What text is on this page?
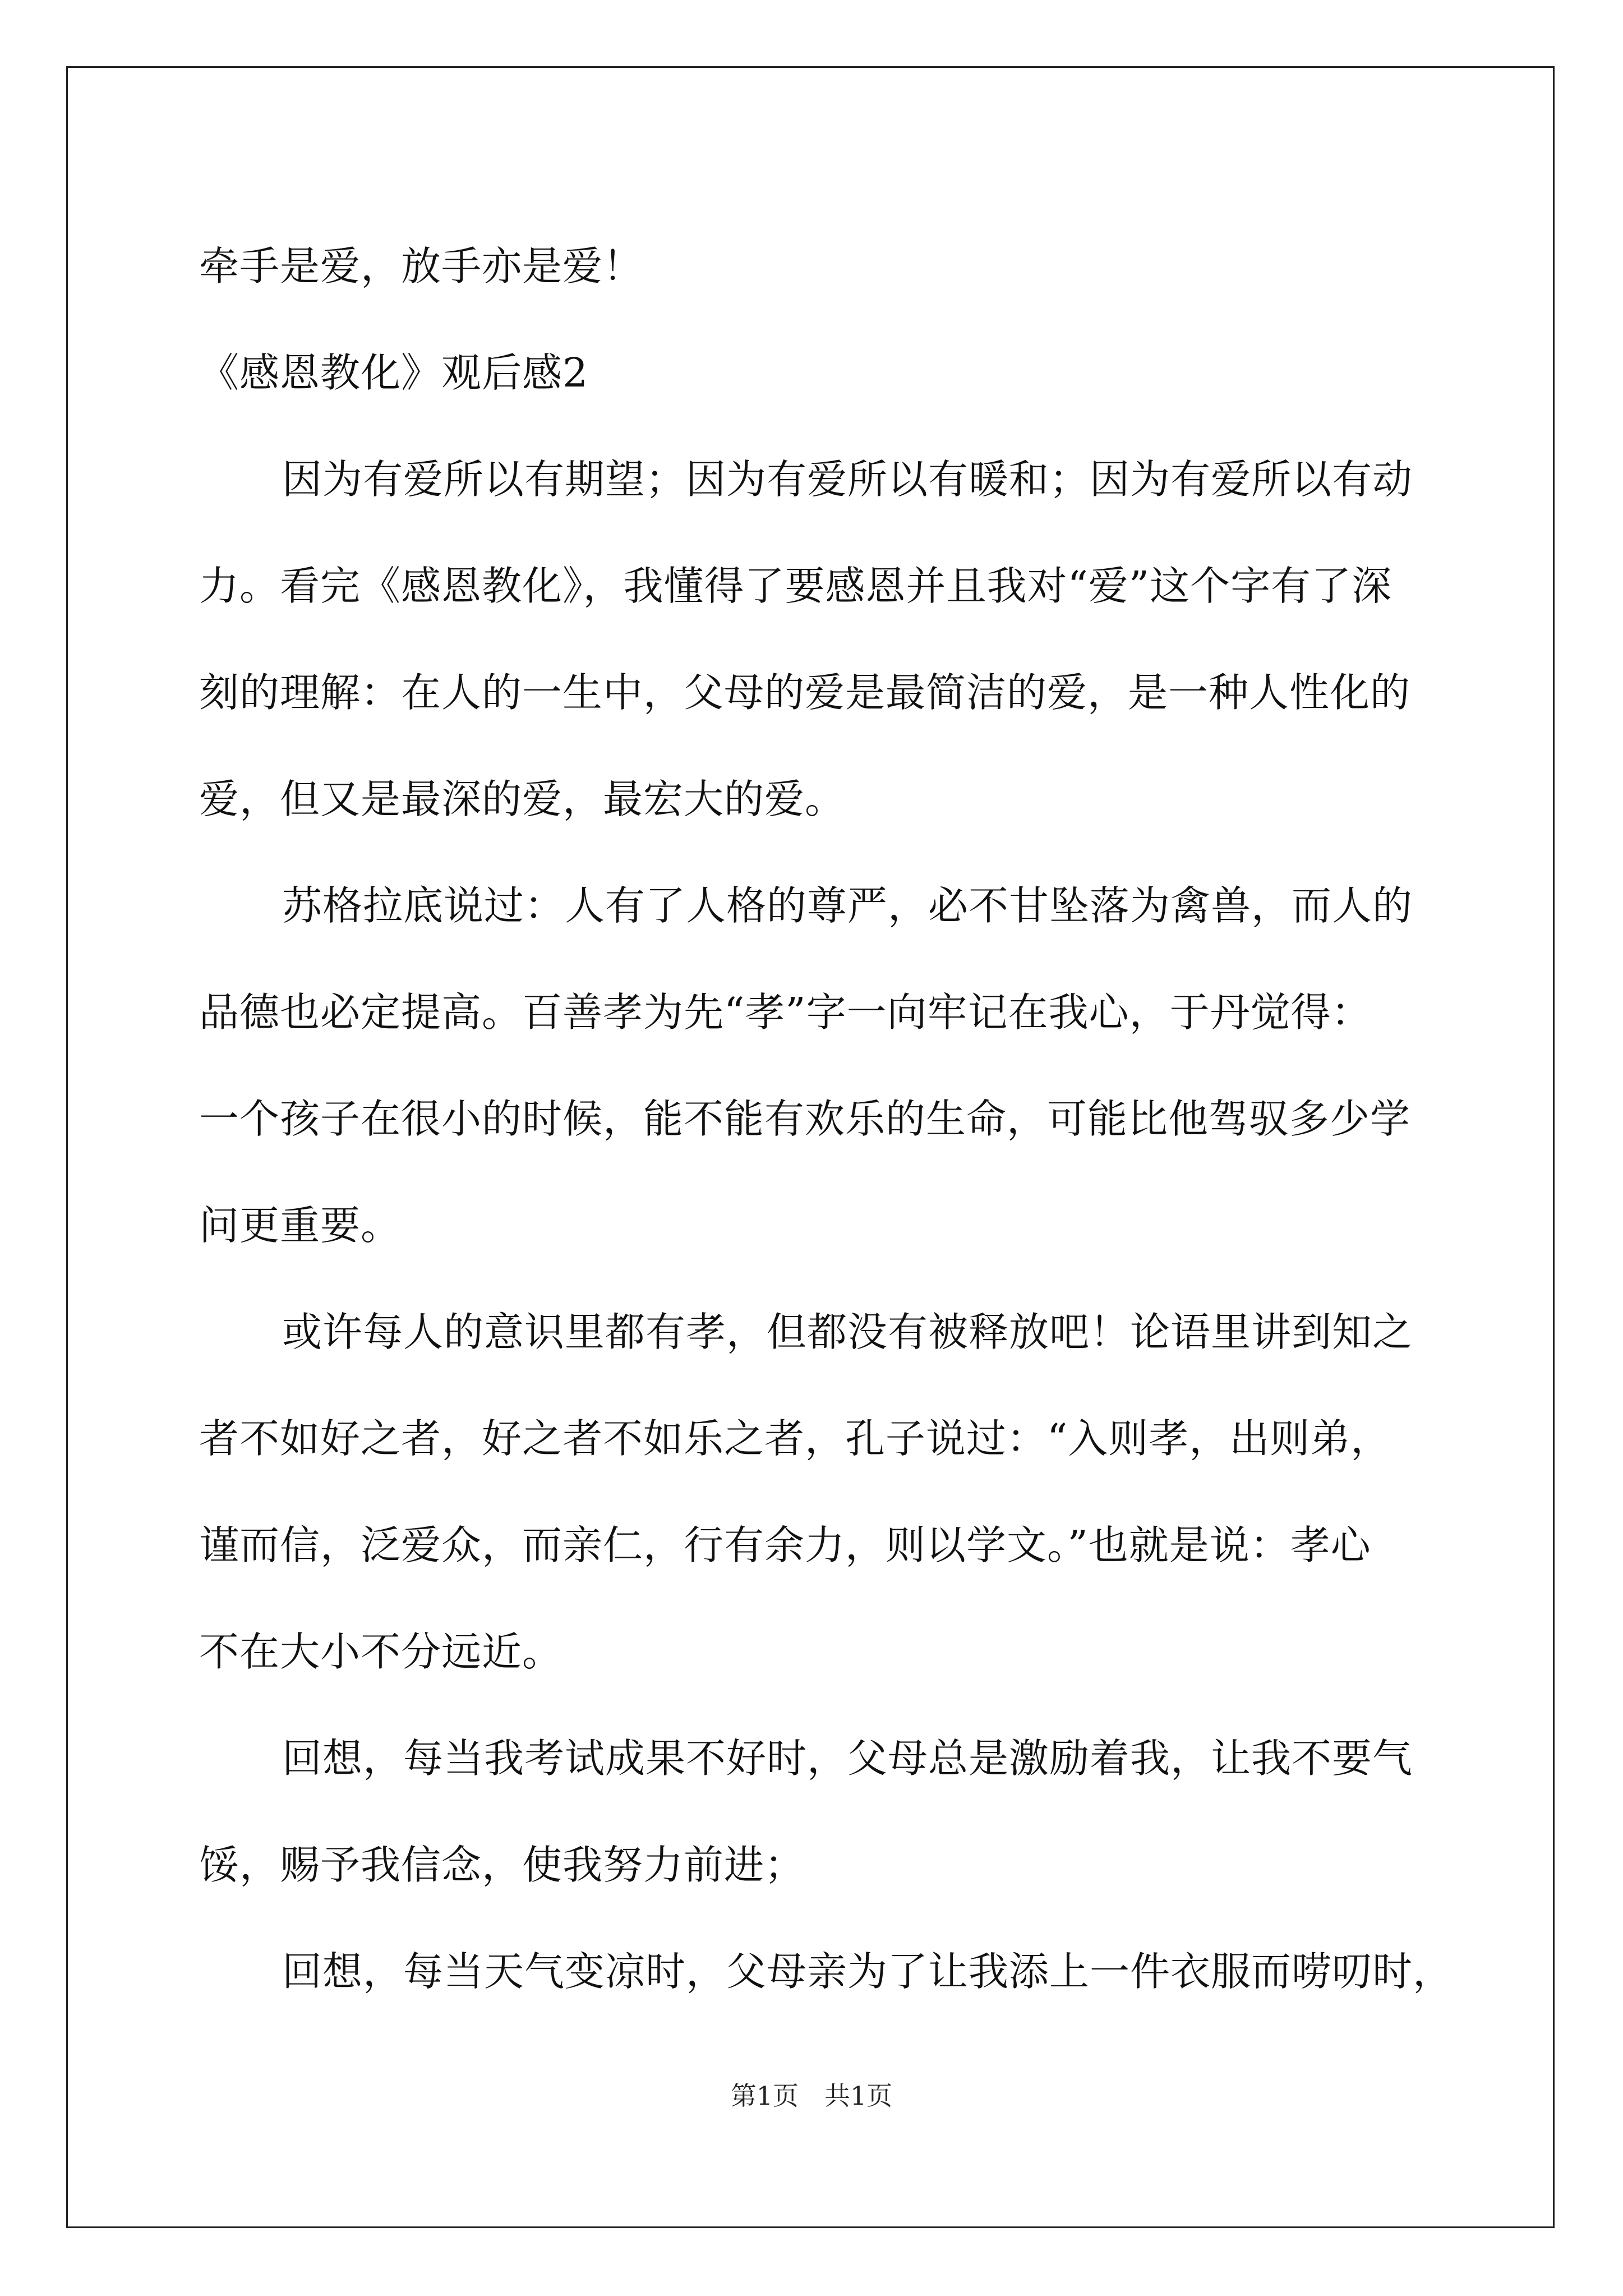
牵手是爱，放手亦是爱！
《感恩教化》观后感2
因为有爱所以有期望；因为有爱所以有暖和；因为有爱所以有动
力。看完《感恩教化》，我懂得了要感恩并且我对“爱”这个字有了深
刻的理解：在人的一生中，父母的爱是最简洁的爱，是一种人性化的
爱，但又是最深的爱，最宏大的爱。
苏格拉底说过：人有了人格的尊严，必不甘坠落为禽兽，而人的
品德也必定提高。百善孝为先“孝”字一向牢记在我心，于丹觉得：
一个孩子在很小的时候，能不能有欢乐的生命，可能比他驾驭多少学
问更重要。
或许每人的意识里都有孝，但都没有被释放吧！论语里讲到知之
者不如好之者，好之者不如乐之者，孔子说过：“入则孝，出则弟，
谨而信，泛爱众，而亲仁，行有余力，则以学文。”也就是说：孝心
不在大小不分远近。
回想，每当我考试成果不好时，父母总是激励着我，让我不要气
馁，赐予我信念，使我努力前进；
回想，每当天气变凉时，父母亲为了让我添上一件衣服而唠叨时，
第1页　共1页
